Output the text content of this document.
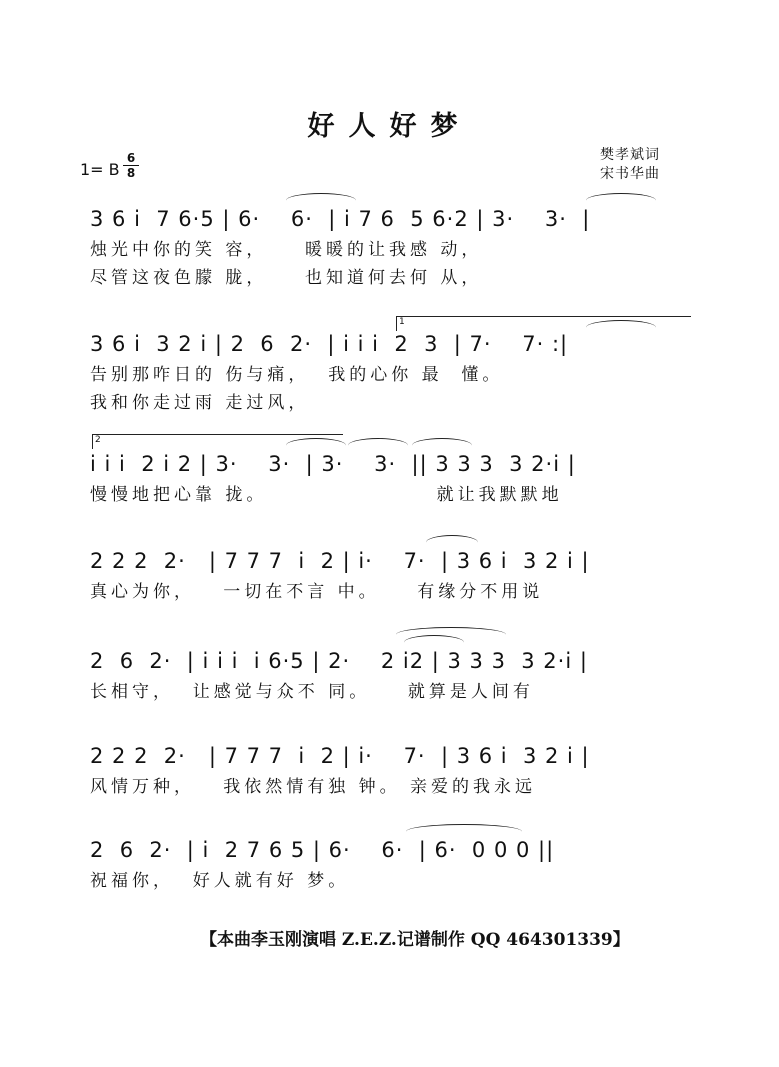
好人好梦
樊孝斌词
宋书华曲
1= B
6
8
3 6 i  7 6·5 | 6·    6·  | i 7 6  5 6·2 | 3·    3·  |
烛光中你的笑 容，    暖暖的让我感 动，
尽管这夜色朦 胧，    也知道何去何 从，
1
3 6 i  3 2 i | 2  6  2·  | i i i  2  3  | 7·    7· :|
告别那咋日的 伤与痛，  我的心你 最  懂。
我和你走过雨 走过风，
2
i i i  2 i 2 | 3·    3·  | 3·    3·  || 3 3 3  3 2·i |
慢慢地把心靠 拢。                  就让我默默地
2 2 2  2·   | 7 7 7  i  2 | i·    7·  | 3 6 i  3 2 i |
真心为你，   一切在不言 中。    有缘分不用说
2  6  2·  | i i i  i 6·5 | 2·    2 i2 | 3 3 3  3 2·i |
长相守，  让感觉与众不 同。    就算是人间有
2 2 2  2·   | 7 7 7  i  2 | i·    7·  | 3 6 i  3 2 i |
风情万种，   我依然情有独 钟。 亲爱的我永远
2  6  2·  | i  2 7 6 5 | 6·    6·  | 6·  0 0 0 ||
祝福你，  好人就有好 梦。
【本曲李玉刚演唱 Z.E.Z.记谱制作 QQ 464301339】
